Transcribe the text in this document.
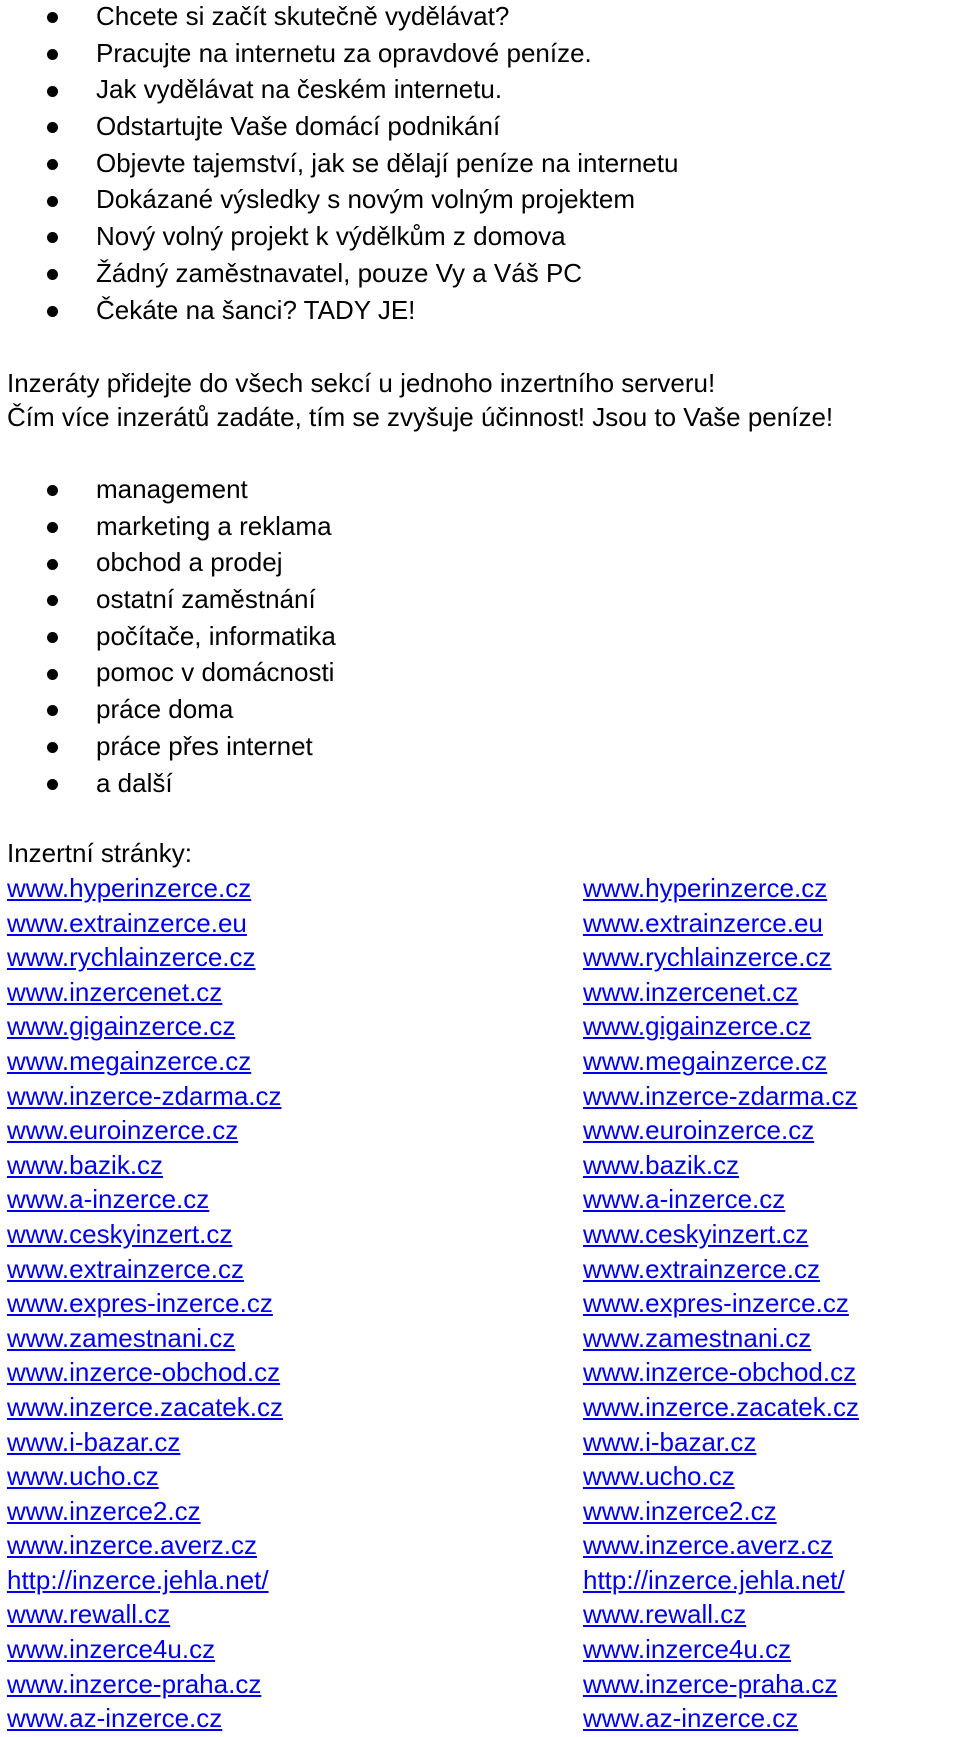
Chcete si začít skutečně vydělávat?
Pracujte na internetu za opravdové peníze.
Jak vydělávat na českém internetu.
Odstartujte Vaše domácí podnikání
Objevte tajemství, jak se dělají peníze na internetu
Dokázané výsledky s novým volným projektem
Nový volný projekt k výdělkům z domova
Žádný zaměstnavatel, pouze Vy a Váš PC
Čekáte na šanci? TADY JE!

Inzeráty přidejte do všech sekcí u jednoho inzertního serveru!

Čím více inzerátů zadáte, tím se zvyšuje účinnost! Jsou to Vaše peníze!

management
marketing a reklama
obchod a prodej
ostatní zaměstnání
počítače, informatika
pomoc v domácnosti
práce doma
práce přes internet
a další

Inzertní stránky:

www.hyperinzerce.cz
www.extrainzerce.eu
www.rychlainzerce.cz
www.inzercenet.cz
www.gigainzerce.cz
www.megainzerce.cz
www.inzerce-zdarma.cz
www.euroinzerce.cz
www.bazik.cz
www.a-inzerce.cz
www.ceskyinzert.cz
www.extrainzerce.cz
www.expres-inzerce.cz
www.zamestnani.cz
www.inzerce-obchod.cz
www.inzerce.zacatek.cz
www.i-bazar.cz
www.ucho.cz
www.inzerce2.cz
www.inzerce.averz.cz
http://inzerce.jehla.net/
www.rewall.cz
www.inzerce4u.cz
www.inzerce-praha.cz
www.az-inzerce.cz
www.hyperinzerce.cz
www.extrainzerce.eu
www.rychlainzerce.cz
www.inzercenet.cz
www.gigainzerce.cz
www.megainzerce.cz
www.inzerce-zdarma.cz
www.euroinzerce.cz
www.bazik.cz
www.a-inzerce.cz
www.ceskyinzert.cz
www.extrainzerce.cz
www.expres-inzerce.cz
www.zamestnani.cz
www.inzerce-obchod.cz
www.inzerce.zacatek.cz
www.i-bazar.cz
www.ucho.cz
www.inzerce2.cz
www.inzerce.averz.cz
http://inzerce.jehla.net/
www.rewall.cz
www.inzerce4u.cz
www.inzerce-praha.cz
www.az-inzerce.cz
